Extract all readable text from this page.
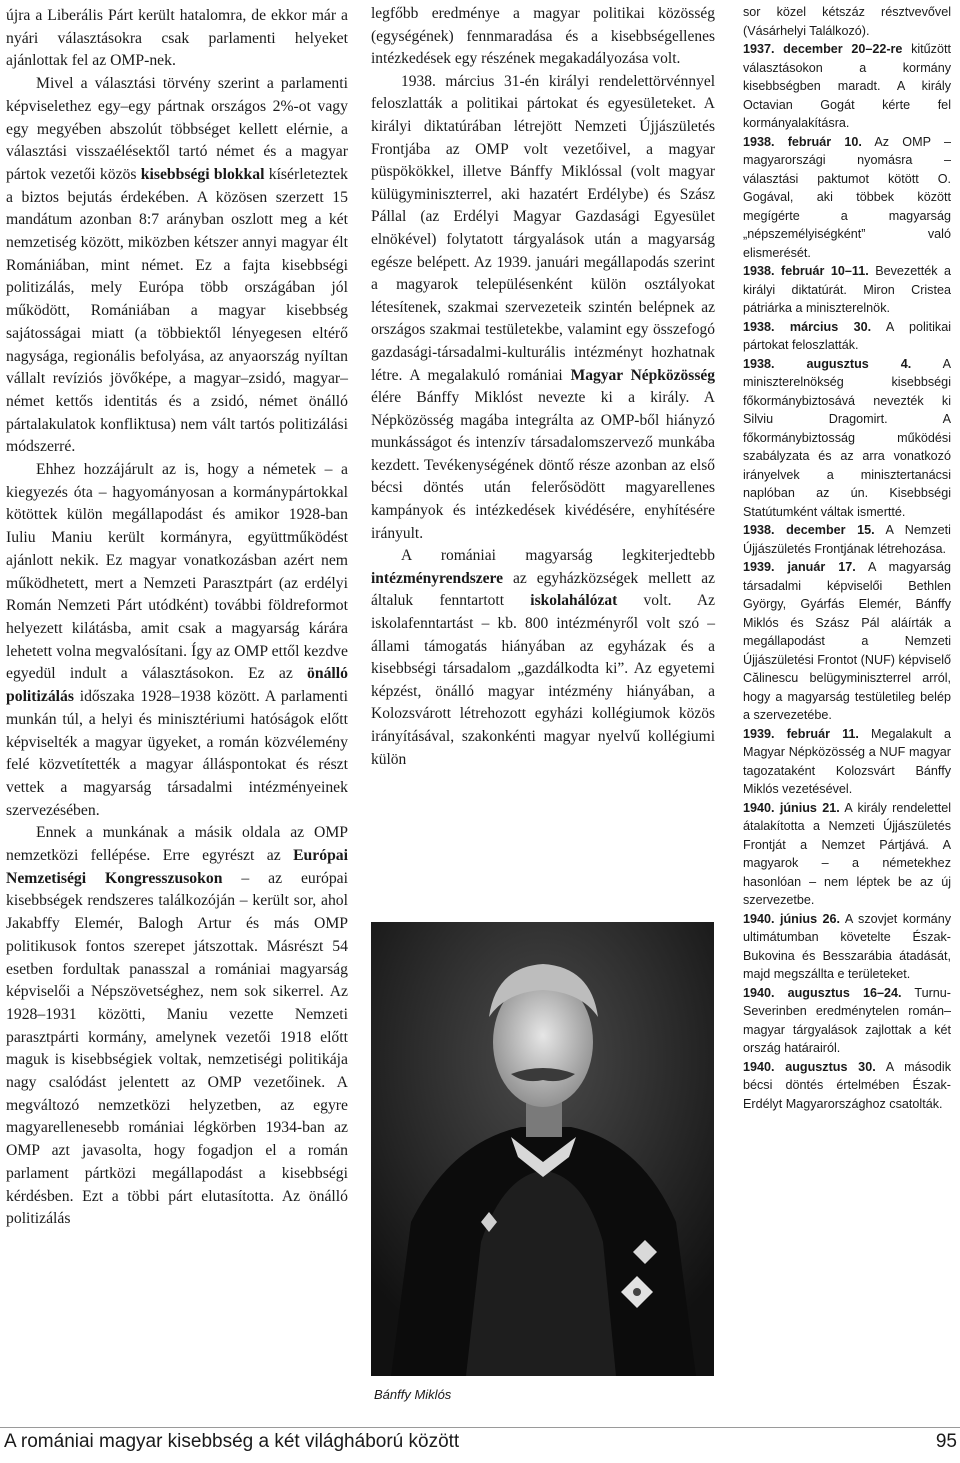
újra a Liberális Párt került hatalomra, de ekkor már a nyári választásokra csak parlamenti helyeket ajánlottak fel az OMP-nek.

Mivel a választási törvény szerint a parlamenti képviselethez egy–egy pártnak országos 2%-ot vagy egy megyében abszolút többséget kellett elérnie, a választási visszaélésektől tartó német és a magyar pártok vezetői közös kisebbségi blokkal kísérleteztek a biztos bejutás érdekében. A közösen szerzett 15 mandátum azonban 8:7 arányban oszlott meg a két nemzetiség között, miközben kétszer annyi magyar élt Romániában, mint német. Ez a fajta kisebbségi politizálás, mely Európa több országában jól működött, Romániában a magyar kisebbség sajátosságai miatt (a többiektől lényegesen eltérő nagysága, regionális befolyása, az anyaország nyíltan vállalt revíziós jövőképe, a magyar–zsidó, magyar–német kettős identitás és a zsidó, német önálló pártalakulatok konfliktusa) nem vált tartós politizálási módszerré.

Ehhez hozzájárult az is, hogy a németek – a kiegyezés óta – hagyományosan a kormánypártokkal kötöttek külön megállapodást és amikor 1928-ban Iuliu Maniu került kormányra, együttműködést ajánlott nekik. Ez magyar vonatkozásban azért nem működhetett, mert a Nemzeti Parasztpárt (az erdélyi Román Nemzeti Párt utódként) további földreformot helyezett kilátásba, amit csak a magyarság kárára lehetett volna megvalósítani. Így az OMP ettől kezdve egyedül indult a választásokon. Ez az önálló politizálás időszaka 1928–1938 között. A parlamenti munkán túl, a helyi és minisztériumi hatóságok előtt képviselték a magyar ügyeket, a román közvélemény felé közvetítették a magyar álláspontokat és részt vettek a magyarság társadalmi intézményeinek szervezésében.

Ennek a munkának a másik oldala az OMP nemzetközi fellépése. Erre egyrészt az Európai Nemzetiségi Kongresszusokon – az európai kisebbségek rendszeres találkozóján – került sor, ahol Jakabffy Elemér, Balogh Artur és más OMP politikusok fontos szerepet játszottak. Másrészt 54 esetben fordultak panasszal a romániai magyarság képviselői a Népszövetséghez, nem sok sikerrel. Az 1928–1931 közötti, Maniu vezette Nemzeti parasztpárti kormány, amelynek vezetői 1918 előtt maguk is kisebbségiek voltak, nemzetiségi politikája nagy csalódást jelentett az OMP vezetőinek. A megváltozó nemzetközi helyzetben, az egyre magyarellenesebb romániai légkörben 1934-ban az OMP azt javasolta, hogy fogadjon el a román parlament pártközi megállapodást a kisebbségi kérdésben. Ezt a többi párt elutasította. Az önálló politizálás

legfőbb eredménye a magyar politikai közösség (egységének) fennmaradása és a kisebbségellenes intézkedések egy részének megakadályozása volt.

1938. március 31-én királyi rendelettörvénnyel feloszlatták a politikai pártokat és egyesületeket. A királyi diktatúrában létrejött Nemzeti Újjászületés Frontjába az OMP volt vezetőivel, a magyar püspökökkel, illetve Bánffy Miklóssal (volt magyar külügyminiszterrel, aki hazatért Erdélybe) és Szász Pállal (az Erdélyi Magyar Gazdasági Egyesület elnökével) folytatott tárgyalások után a magyarság egésze belépett. Az 1939. januári megállapodás szerint a magyarok településenként külön osztályokat létesítenek, szakmai szervezeteik szintén belépnek az országos szakmai testületekbe, valamint egy összefogó gazdasági-társadalmi-kulturális intézményt hozhatnak létre. A megalakuló romániai Magyar Népközösség élére Bánffy Miklóst nevezte ki a király. A Népközösség magába integrálta az OMP-ből hiányzó munkásságot és intenzív társadalomszervező munkába kezdett. Tevékenységének döntő része azonban az első bécsi döntés után felerősödött magyarellenes kampányok és intézkedések kivédésére, enyhítésére irányult.

A romániai magyarság legkiterjedtebb intézményrendszere az egyházközségek mellett az általuk fenntartott iskolahálózat volt. Az iskolafenntartást – kb. 800 intézményről volt szó – állami támogatás hiányában az egyházak és a kisebbségi társadalom „gazdálkodta ki”. Az egyetemi képzést, önálló magyar intézmény hiányában, a Kolozsvárott létrehozott egyházi kollégiumok közös irányításával, szakonkénti magyar nyelvű kollégiumi külön

Bánffy Miklós

sor közel kétszáz résztvevővel (Vásárhelyi Találkozó).

1937. december 20–22-re kitűzött választásokon a kormány kisebbségben maradt. A király Octavian Gogát kérte fel kormányalakításra.

1938. február 10. Az OMP – magyarországi nyomásra – választási paktumot kötött O. Gogával, aki többek között megígérte a magyarság „népszemélyiségként” való elismerését.

1938. február 10–11. Bevezették a királyi diktatúrát. Miron Cristea pátriárka a miniszterelnök.

1938. március 30. A politikai pártokat feloszlatták.

1938. augusztus 4. A miniszterelnökség kisebbségi főkormánybiztosává nevezték ki Silviu Dragomirt. A főkormánybiztosság működési szabályzata és az arra vonatkozó irányelvek a minisztertanácsi naplóban az ún. Kisebbségi Statútumként váltak ismertté.

1938. december 15. A Nemzeti Újjászületés Frontjának létrehozása.

1939. január 17. A magyarság társadalmi képviselői Bethlen György, Gyárfás Elemér, Bánffy Miklós és Szász Pál aláírták a megállapodást a Nemzeti Újjászületési Frontot (NUF) képviselő Călinescu belügyminiszterrel arról, hogy a magyarság testületileg belép a szervezetébe.

1939. február 11. Megalakult a Magyar Népközösség a NUF magyar tagozataként Kolozsvárt Bánffy Miklós vezetésével.

1940. június 21. A király rendelettel átalakította a Nemzeti Újjászületés Frontját a Nemzet Pártjává. A magyarok – a németekhez hasonlóan – nem léptek be az új szervezetbe.

1940. június 26. A szovjet kormány ultimátumban követelte Észak-Bukovina és Besszarábia átadását, majd megszállta e területeket.

1940. augusztus 16–24. Turnu-Severinben eredménytelen román–magyar tárgyalások zajlottak a két ország határairól.

1940. augusztus 30. A második bécsi döntés értelmében Észak-Erdélyt Magyarországhoz csatolták.

A romániai magyar kisebbség a két világháború között	95
